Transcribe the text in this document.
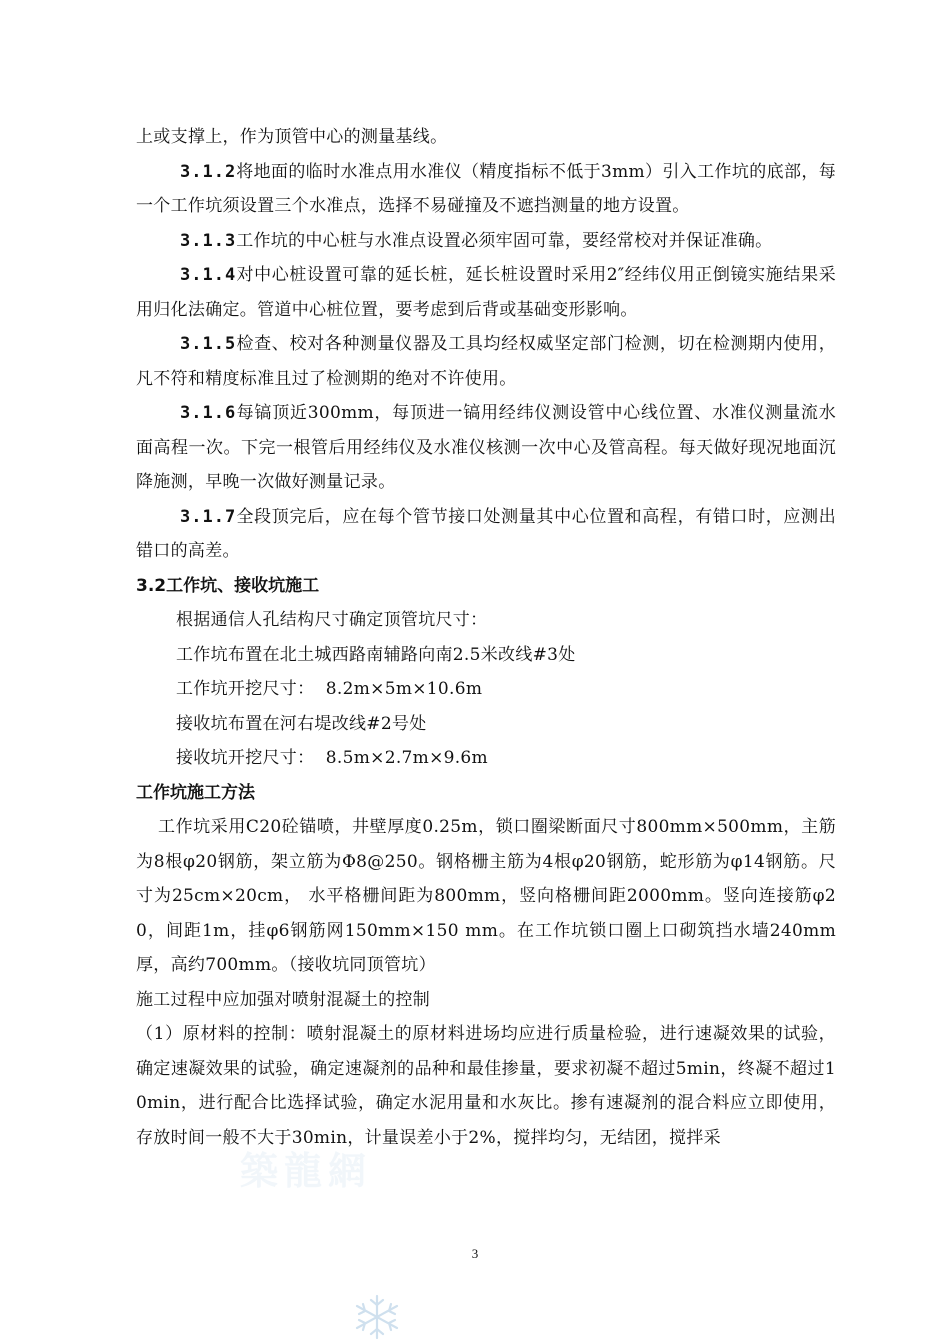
築龍網

上或支撑上，作为顶管中心的测量基线。

3.1.2将地面的临时水准点用水准仪（精度指标不低于3mm）引入工作坑的底部，每一个工作坑须设置三个水准点，选择不易碰撞及不遮挡测量的地方设置。

3.1.3工作坑的中心桩与水准点设置必须牢固可靠，要经常校对并保证准确。

3.1.4对中心桩设置可靠的延长桩，延长桩设置时采用2″经纬仪用正倒镜实施结果采用归化法确定。管道中心桩位置，要考虑到后背或基础变形影响。

3.1.5检查、校对各种测量仪器及工具均经权威坚定部门检测，切在检测期内使用，凡不符和精度标准且过了检测期的绝对不许使用。

3.1.6每镐顶近300mm，每顶进一镐用经纬仪测设管中心线位置、水准仪测量流水面高程一次。下完一根管后用经纬仪及水准仪核测一次中心及管高程。每天做好现况地面沉降施测，早晚一次做好测量记录。

3.1.7全段顶完后，应在每个管节接口处测量其中心位置和高程，有错口时，应测出错口的高差。

3.2工作坑、接收坑施工

根据通信人孔结构尺寸确定顶管坑尺寸：

工作坑布置在北土城西路南辅路向南2.5米改线#3处

工作坑开挖尺寸：  8.2m×5m×10.6m

接收坑布置在河右堤改线#2号处

接收坑开挖尺寸：  8.5m×2.7m×9.6m

工作坑施工方法

工作坑采用C20砼锚喷，井壁厚度0.25m，锁口圈梁断面尺寸800mm×500mm，主筋为8根φ20钢筋，架立筋为Φ8@250。钢格栅主筋为4根φ20钢筋，蛇形筋为φ14钢筋。尺寸为25cm×20cm， 水平格栅间距为800mm，竖向格栅间距2000mm。竖向连接筋φ20，间距1m，挂φ6钢筋网150mm×150 mm。在工作坑锁口圈上口砌筑挡水墙240mm厚，高约700mm。（接收坑同顶管坑）

施工过程中应加强对喷射混凝土的控制

（1）原材料的控制：喷射混凝土的原材料进场均应进行质量检验，进行速凝效果的试验，确定速凝效果的试验，确定速凝剂的品种和最佳掺量，要求初凝不超过5min，终凝不超过10min，进行配合比选择试验，确定水泥用量和水灰比。掺有速凝剂的混合料应立即使用，存放时间一般不大于30min，计量误差小于2%，搅拌均匀，无结团，搅拌采

3
